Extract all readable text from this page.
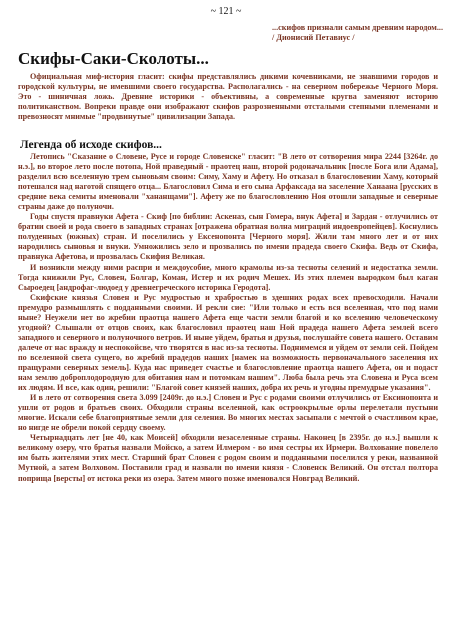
~ 121 ~
...скифов признали самым древним народом... / Дионисий Петавиус /
Скифы-Саки-Сколоты...

Официальная миф-история гласит: скифы представлялись дикими кочевниками, не знавшими городов и городской культуры, не имевшими своего государства. Располагались - на северном побережье Черного Моря. Это - шиничная ложь. Древние историки - объективны, а современные кругва заменяют историю политиканством. Вопреки правде они изображают скифов разрозненными отсталыми степными племенами и превозносят мнимые "продвинутые" цивилизации Запада.

Легенда об исходе скифов...

Летопись "Сказание о Словене, Русе и городе Словенске" гласит: "В лето от сотворения мира 2244 [3264г. до н.э.], во второе лето после потопа, Ной праведный - праотец наш, второй родоначальник [после Бога или Адама], разделил всю вселенную трем сыновьям своим: Симу, Хаму и Афету. Но отказал в благословении Хаму, который потешался над наготой спящего отца... Благословил Сима и его сына Арфаксада на заселение Ханаана [русских в средние века семиты именовали "хананщами"]. Афету же по благословлению Ноя отошли западные и северные страны даже до полуночи.

Годы спустя правнуки Афета - Скиф [по библии: Аскеназ, сын Гомера, внук Афета] и Зардан - отлучились от братии своей и рода своего в западных странах [отражена обратная волна миграций индоевропейцев]. Коснулись полуденных (южных) стран. И поселились у Ексенопонта [Черного моря]. Жили там много лет и от них народились сыновья и внуки. Умножились зело и прозвались по имени прадеда своего Скифа. Ведь от Скифа, правнука Афетова, и прозвалась Скифия Великая.

И возникли между ними распри и междоусобие, много крамолы из-за тесноты селений и недостатка земли. Тогда книжили Рус, Словен, Болгар, Коман, Истер и их родич Мешех. Из этих племен выродком был каган Сыроедец [андрофаг-людоед у древнегреческого историка Геродота].

Скифские князья Словен и Рус мудростью и храбростью в здешних родах всех превосходили. Начали премудро размышлять с подданными своими. И рекли сие: "Или только и есть вся вселенная, что под нами ныне? Неужели нет во жребии праотца нашего Афета еще части земли благой и ко вселению человеческому угодной? Слышали от отцов своих, как благословил праотец наш Ной прадеда нашего Афета землей всего западного и северного и полуночного ветров. И ныне уйдем, братья и друзья, послушайте совета нашего. Оставим далече от нас вражду и неспокойсве, что творятся в нас из-за тесноты. Поднимемся и уйдем от земли сей. Пойдем по вселенной света сущего, во жребий прадедов наших [намек на возможность первоначального заселения их пращурами северных земель]. Куда нас приведет счастье и благословление праотца нашего Афета, он и подаст нам землю доброплодородную для обитания нам и потомкам нашим". Люба была речь эта Словена и Руса всем их людям. И все, как один, решили: "Благой совет князей наших, добра их речь и угодны премудрые указания".

И в лето от сотворения света 3.099 [2409г. до н.э.] Словен и Рус с родами своими отлучились от Ексинопонта и ушли от родов и братьев своих. Обходили страны вселенной, как остроокрылые орлы перелетали пустыни многие. Искали себе благоприятные земли для селения. Во многих местах засыпали с мечтой о счастливом крае, но нигде не обрели покой сердцу своему.

Четырнадцать лет [не 40, как Моисей] обходили незаселенные страны. Наконец [в 2395г. до н.э.] вышли к великому озеру, что братья назвали Мойско, а затем Илмером - во имя сестры их Ирмери. Волхование повелело им быть жителями этих мест. Старший брат Словен с родом своим и подданными поселился у реки, названной Мутной, а затем Волховом. Поставили град и назвали по имени князя - Словенск Великий. Он отстал полтора поприща [версты] от истока реки из озера. Затем много позже именовался Новград Великий.
